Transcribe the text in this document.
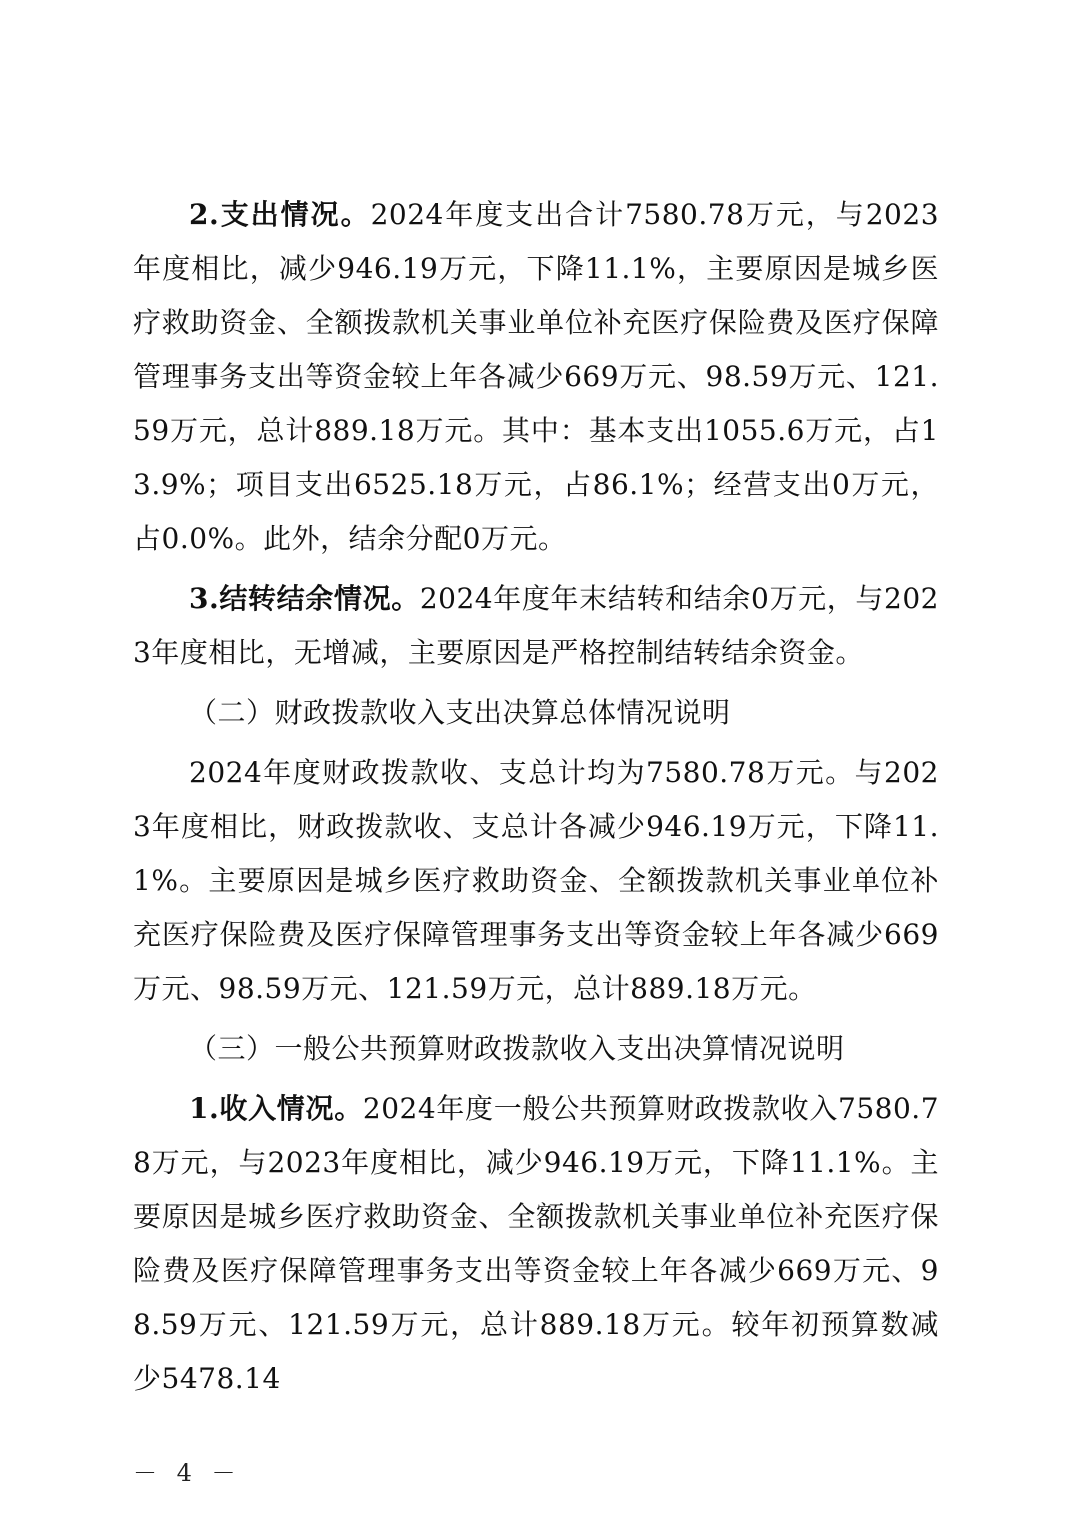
2.支出情况。2024年度支出合计7580.78万元，与2023年度相比，减少946.19万元，下降11.1%，主要原因是城乡医疗救助资金、全额拨款机关事业单位补充医疗保险费及医疗保障管理事务支出等资金较上年各减少669万元、98.59万元、121.59万元，总计889.18万元。其中：基本支出1055.6万元，占13.9%；项目支出6525.18万元，占86.1%；经营支出0万元，占0.0%。此外，结余分配0万元。

3.结转结余情况。2024年度年末结转和结余0万元，与2023年度相比，无增减，主要原因是严格控制结转结余资金。

（二）财政拨款收入支出决算总体情况说明

2024年度财政拨款收、支总计均为7580.78万元。与2023年度相比，财政拨款收、支总计各减少946.19万元，下降11.1%。主要原因是城乡医疗救助资金、全额拨款机关事业单位补充医疗保险费及医疗保障管理事务支出等资金较上年各减少669万元、98.59万元、121.59万元，总计889.18万元。

（三）一般公共预算财政拨款收入支出决算情况说明

1.收入情况。2024年度一般公共预算财政拨款收入7580.78万元，与2023年度相比，减少946.19万元，下降11.1%。主要原因是城乡医疗救助资金、全额拨款机关事业单位补充医疗保险费及医疗保障管理事务支出等资金较上年各减少669万元、98.59万元、121.59万元，总计889.18万元。较年初预算数减少5478.14

－ 4 －
